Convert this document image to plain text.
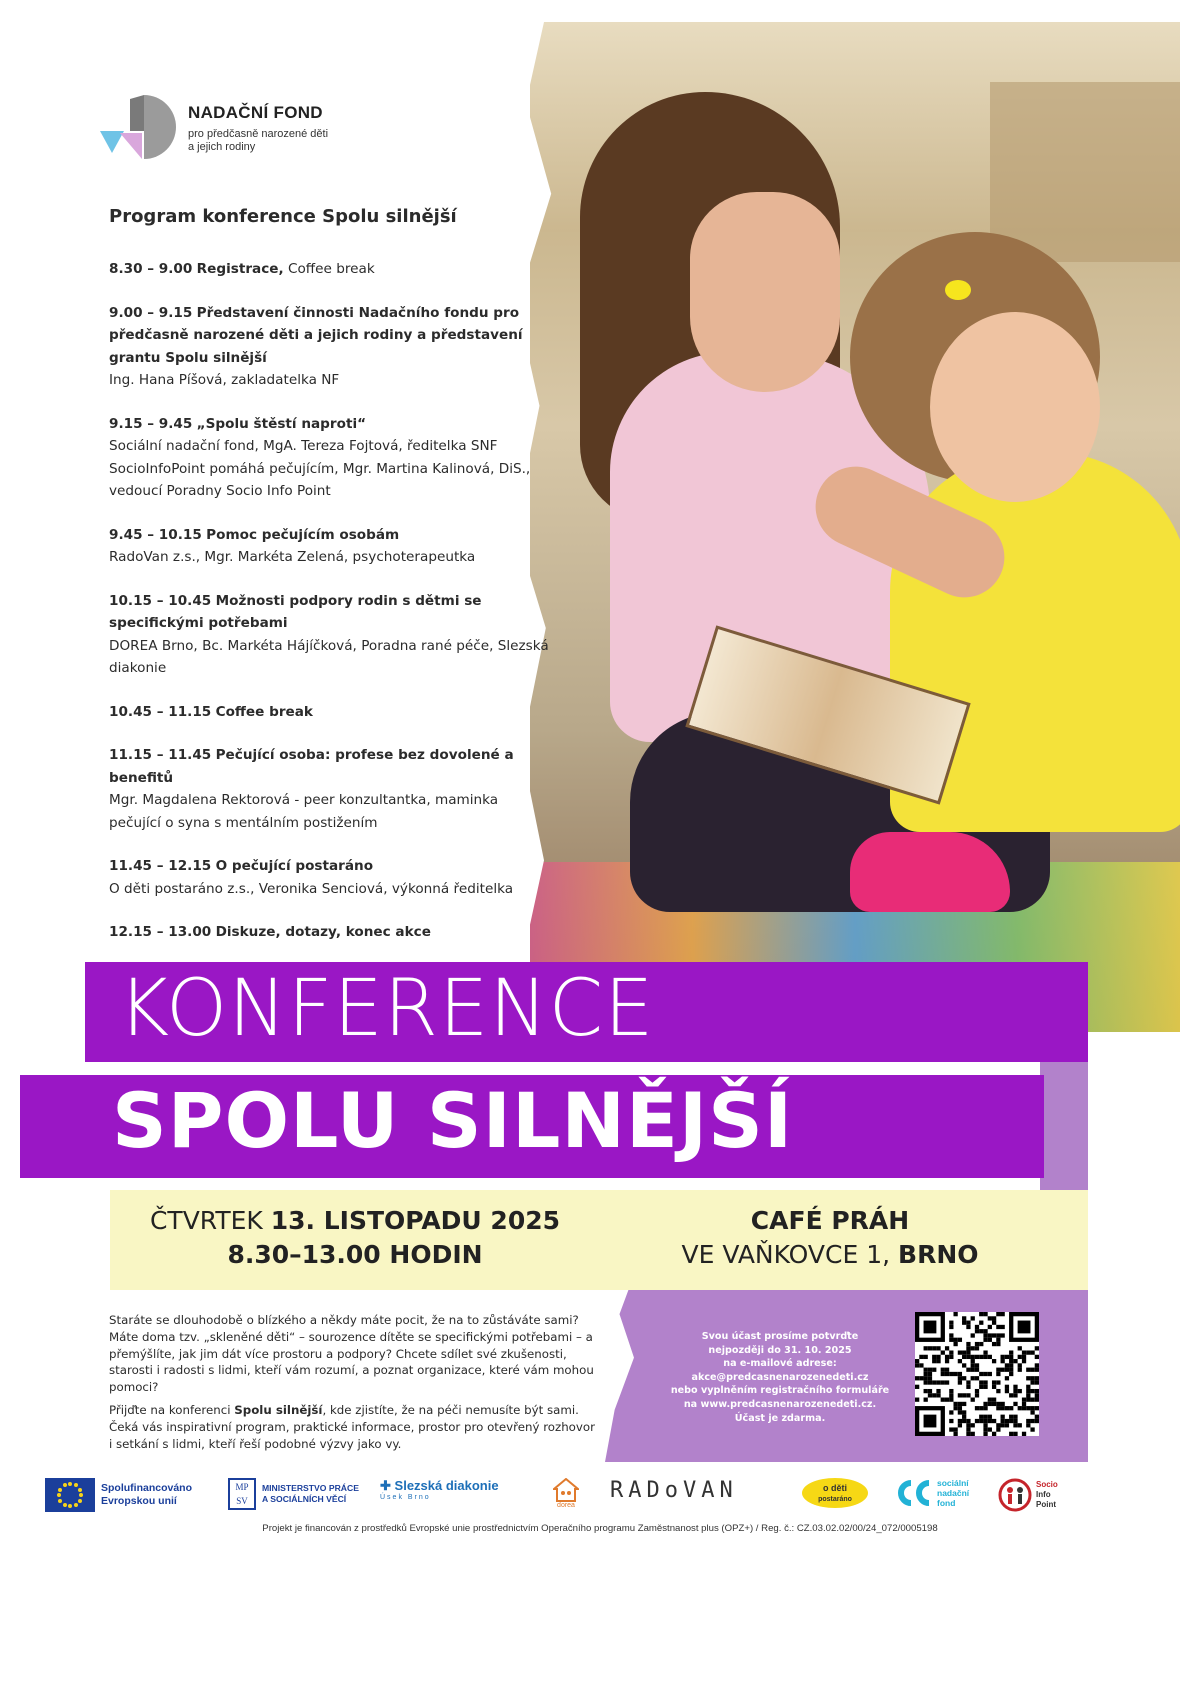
NADAČNÍ FOND
pro předčasně narozené děti
a jejich rodiny
Program konference Spolu silnější
8.30 – 9.00 Registrace, Coffee break
9.00 – 9.15 Představení činnosti Nadačního fondu pro předčasně narozené děti a jejich rodiny a představení grantu Spolu silnější
Ing. Hana Píšová, zakladatelka NF
9.15 – 9.45 „Spolu štěstí naproti“
Sociální nadační fond, MgA. Tereza Fojtová, ředitelka SNF
SocioInfoPoint pomáhá pečujícím, Mgr. Martina Kalinová, DiS., vedoucí Poradny Socio Info Point
9.45 – 10.15 Pomoc pečujícím osobám
RadoVan z.s., Mgr. Markéta Zelená, psychoterapeutka
10.15 – 10.45 Možnosti podpory rodin s dětmi se specifickými potřebami
DOREA Brno, Bc. Markéta Hájíčková, Poradna rané péče, Slezská diakonie
10.45 – 11.15 Coffee break
11.15 – 11.45 Pečující osoba: profese bez dovolené a benefitů
Mgr. Magdalena Rektorová - peer konzultantka, maminka pečující o syna s mentálním postižením
11.45 – 12.15 O pečující postaráno
O děti postaráno z.s., Veronika Senciová, výkonná ředitelka
12.15 – 13.00 Diskuze, dotazy, konec akce
KONFERENCE
SPOLU SILNĚJŠÍ
ČTVRTEK 13. LISTOPADU 2025
8.30–13.00 HODIN
CAFÉ PRÁH
VE VAŇKOVCE 1, BRNO
Staráte se dlouhodobě o blízkého a někdy máte pocit, že na to zůstáváte sami? Máte doma tzv. „skleněné děti“ – sourozence dítěte se specifickými potřebami – a přemýšlíte, jak jim dát více prostoru a podpory? Chcete sdílet své zkušenosti, starosti i radosti s lidmi, kteří vám rozumí, a poznat organizace, které vám mohou pomoci?
Přijďte na konferenci Spolu silnější, kde zjistíte, že na péči nemusíte být sami. Čeká vás inspirativní program, praktické informace, prostor pro otevřený rozhovor i setkání s lidmi, kteří řeší podobné výzvy jako vy.
Svou účast prosíme potvrďte
nejpozději do 31. 10. 2025
na e-mailové adrese:
akce@predcasnenarozenedeti.cz
nebo vyplněním registračního formuláře
na www.predcasnenarozenedeti.cz.
Účast je zdarma.
Spolufinancováno
Evropskou unií
MP SV
MINISTERSTVO PRÁCE
A SOCIÁLNÍCH VĚCÍ
✚ Slezská diakonie
Úsek Brno
dorea
RADoVAN	o děti
postaráno
sociální
nadační
fond
Socio
Info
Point
Projekt je financován z prostředků Evropské unie prostřednictvím Operačního programu Zaměstnanost plus (OPZ+) / Reg. č.: CZ.03.02.02/00/24_072/0005198
